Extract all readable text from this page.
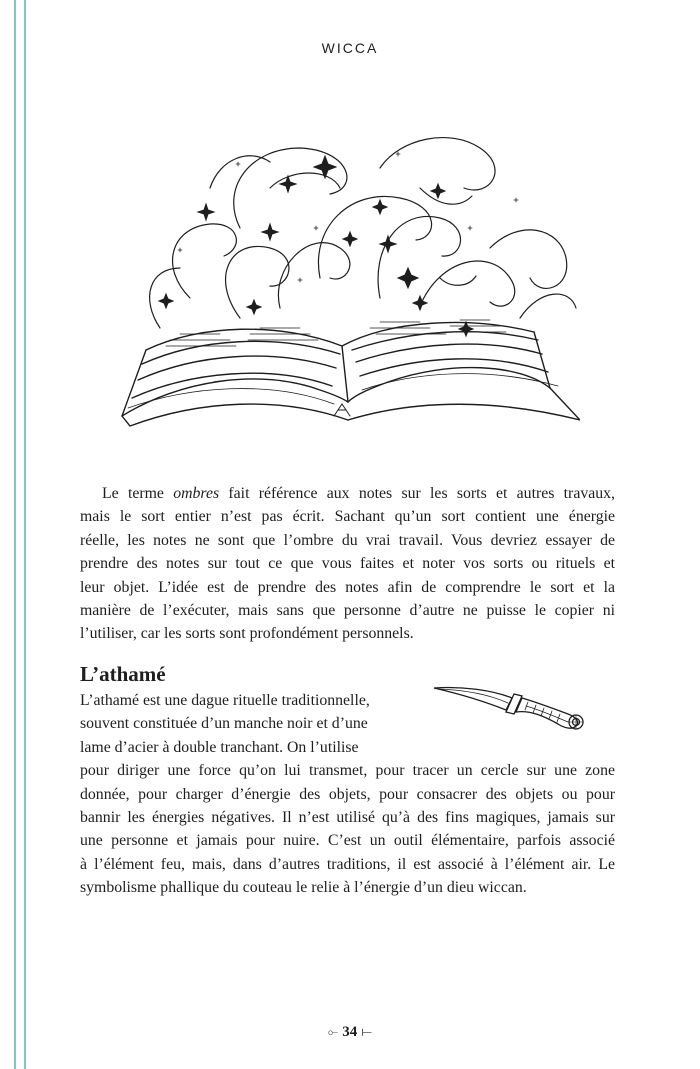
WICCA
Le terme ombres fait référence aux notes sur les sorts et autres travaux,
mais le sort entier n’est pas écrit. Sachant qu’un sort contient une énergie
réelle, les notes ne sont que l’ombre du vrai travail. Vous devriez essayer de
prendre des notes sur tout ce que vous faites et noter vos sorts ou rituels et
leur objet. L’idée est de prendre des notes afin de comprendre le sort et la
manière de l’exécuter, mais sans que personne d’autre ne puisse le copier ni
l’utiliser, car les sorts sont profondément personnels.
L’athamé
L’athamé est une dague rituelle traditionnelle,
souvent constituée d’un manche noir et d’une
lame d’acier à double tranchant. On l’utilise
pour diriger une force qu’on lui transmet, pour tracer un cercle sur une zone
donnée, pour charger d’énergie des objets, pour consacrer des objets ou pour
bannir les énergies négatives. Il n’est utilisé qu’à des fins magiques, jamais sur
une personne et jamais pour nuire. C’est un outil élémentaire, parfois associé
à l’élément feu, mais, dans d’autres traditions, il est associé à l’élément air. Le
symbolisme phallique du couteau le relie à l’énergie d’un dieu wiccan.
⟜ 34 ⟝
